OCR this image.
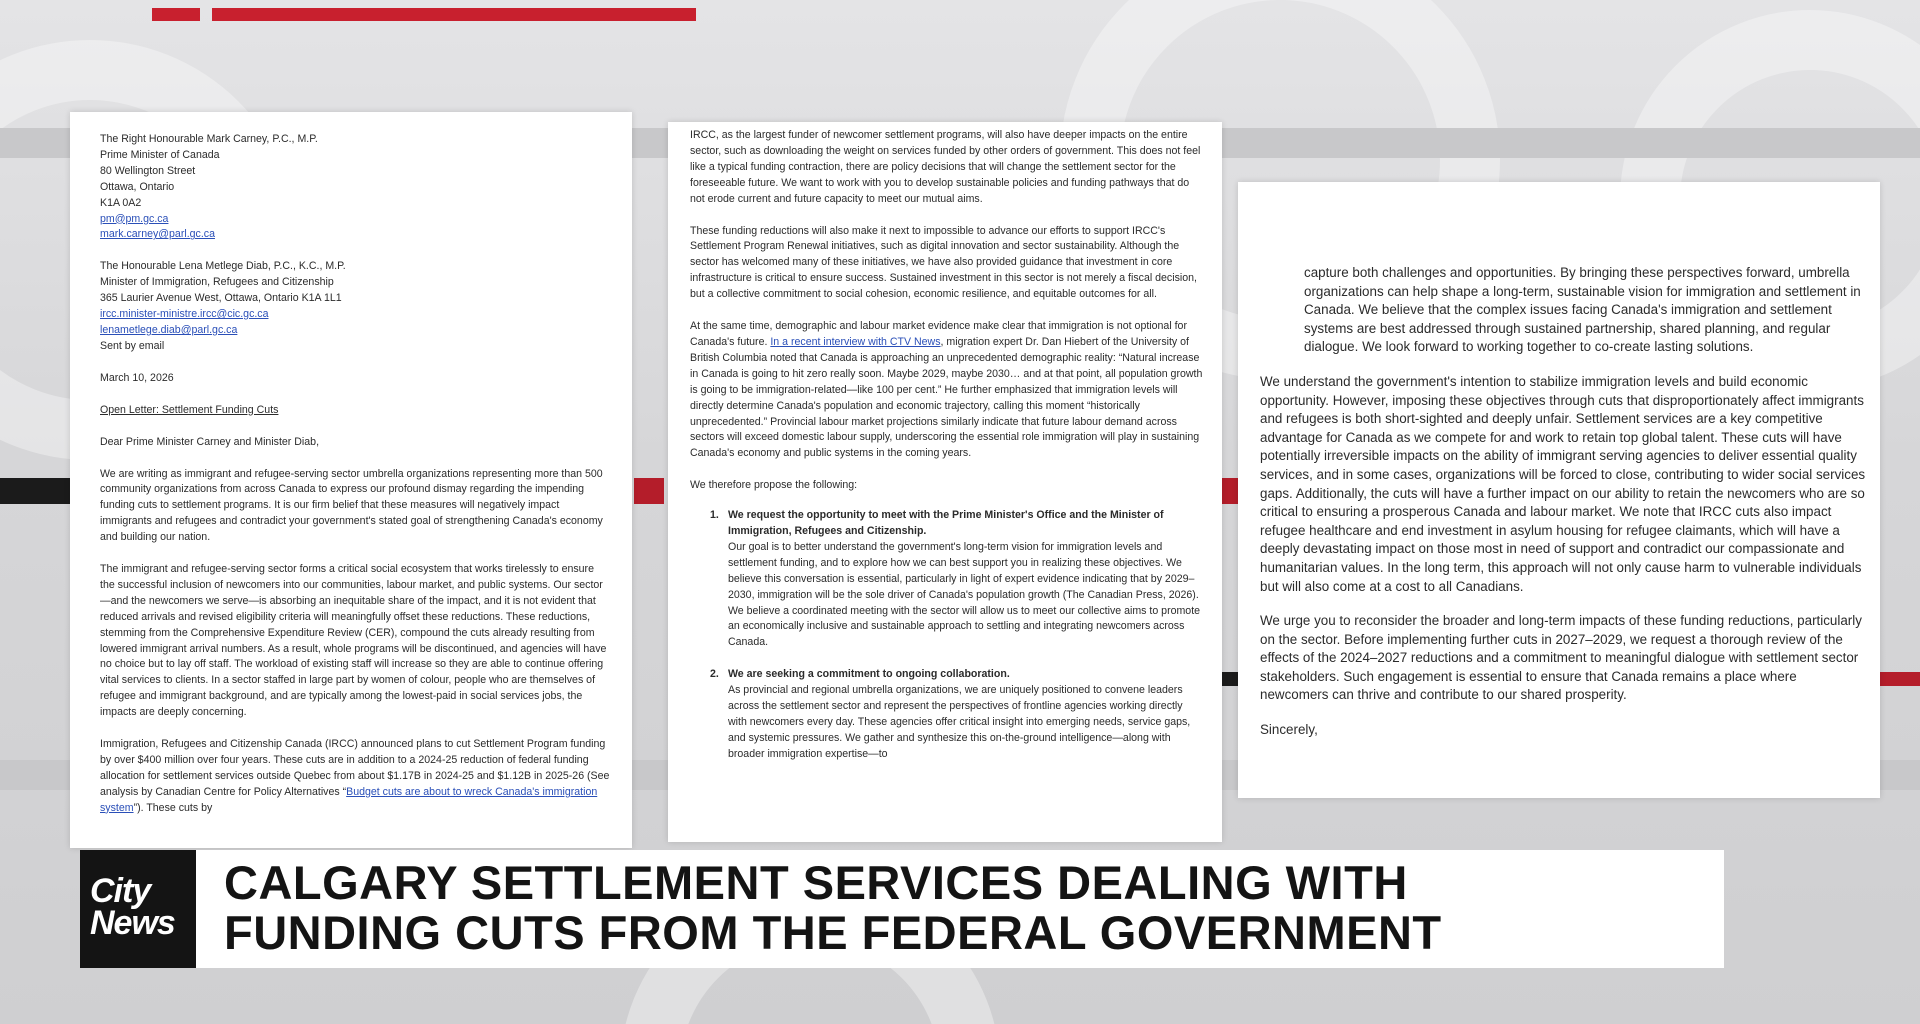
The Right Honourable Mark Carney, P.C., M.P.
Prime Minister of Canada
80 Wellington Street
Ottawa, Ontario
K1A 0A2
pm@pm.gc.ca
mark.carney@parl.gc.ca
The Honourable Lena Metlege Diab, P.C., K.C., M.P.
Minister of Immigration, Refugees and Citizenship
365 Laurier Avenue West, Ottawa, Ontario K1A 1L1
ircc.minister-ministre.ircc@cic.gc.ca
lenametlege.diab@parl.gc.ca
Sent by email
March 10, 2026
Open Letter: Settlement Funding Cuts
Dear Prime Minister Carney and Minister Diab,

We are writing as immigrant and refugee-serving sector umbrella organizations representing more than 500 community organizations from across Canada to express our profound dismay regarding the impending funding cuts to settlement programs. It is our firm belief that these measures will negatively impact immigrants and refugees and contradict your government's stated goal of strengthening Canada's economy and building our nation.

The immigrant and refugee-serving sector forms a critical social ecosystem that works tirelessly to ensure the successful inclusion of newcomers into our communities, labour market, and public systems. Our sector—and the newcomers we serve—is absorbing an inequitable share of the impact, and it is not evident that reduced arrivals and revised eligibility criteria will meaningfully offset these reductions. These reductions, stemming from the Comprehensive Expenditure Review (CER), compound the cuts already resulting from lowered immigrant arrival numbers. As a result, whole programs will be discontinued, and agencies will have no choice but to lay off staff. The workload of existing staff will increase so they are able to continue offering vital services to clients. In a sector staffed in large part by women of colour, people who are themselves of refugee and immigrant background, and are typically among the lowest-paid in social services jobs, the impacts are deeply concerning.

Immigration, Refugees and Citizenship Canada (IRCC) announced plans to cut Settlement Program funding by over $400 million over four years. These cuts are in addition to a 2024-25 reduction of federal funding allocation for settlement services outside Quebec from about $1.17B in 2024-25 and $1.12B in 2025-26 (See analysis by Canadian Centre for Policy Alternatives “Budget cuts are about to wreck Canada's immigration system”). These cuts by

IRCC, as the largest funder of newcomer settlement programs, will also have deeper impacts on the entire sector, such as downloading the weight on services funded by other orders of government. This does not feel like a typical funding contraction, there are policy decisions that will change the settlement sector for the foreseeable future. We want to work with you to develop sustainable policies and funding pathways that do not erode current and future capacity to meet our mutual aims.

These funding reductions will also make it next to impossible to advance our efforts to support IRCC's Settlement Program Renewal initiatives, such as digital innovation and sector sustainability. Although the sector has welcomed many of these initiatives, we have also provided guidance that investment in core infrastructure is critical to ensure success. Sustained investment in this sector is not merely a fiscal decision, but a collective commitment to social cohesion, economic resilience, and equitable outcomes for all.

At the same time, demographic and labour market evidence make clear that immigration is not optional for Canada's future. In a recent interview with CTV News, migration expert Dr. Dan Hiebert of the University of British Columbia noted that Canada is approaching an unprecedented demographic reality: “Natural increase in Canada is going to hit zero really soon. Maybe 2029, maybe 2030… and at that point, all population growth is going to be immigration-related—like 100 per cent.” He further emphasized that immigration levels will directly determine Canada's population and economic trajectory, calling this moment “historically unprecedented.” Provincial labour market projections similarly indicate that future labour demand across sectors will exceed domestic labour supply, underscoring the essential role immigration will play in sustaining Canada's economy and public systems in the coming years.

We therefore propose the following:

1. We request the opportunity to meet with the Prime Minister's Office and the Minister of Immigration, Refugees and Citizenship.
Our goal is to better understand the government's long-term vision for immigration levels and settlement funding, and to explore how we can best support you in realizing these objectives. We believe this conversation is essential, particularly in light of expert evidence indicating that by 2029–2030, immigration will be the sole driver of Canada's population growth (The Canadian Press, 2026). We believe a coordinated meeting with the sector will allow us to meet our collective aims to promote an economically inclusive and sustainable approach to settling and integrating newcomers across Canada.
2. We are seeking a commitment to ongoing collaboration.
As provincial and regional umbrella organizations, we are uniquely positioned to convene leaders across the settlement sector and represent the perspectives of frontline agencies working directly with newcomers every day. These agencies offer critical insight into emerging needs, service gaps, and systemic pressures. We gather and synthesize this on-the-ground intelligence—along with broader immigration expertise—to

capture both challenges and opportunities. By bringing these perspectives forward, umbrella organizations can help shape a long-term, sustainable vision for immigration and settlement in Canada. We believe that the complex issues facing Canada's immigration and settlement systems are best addressed through sustained partnership, shared planning, and regular dialogue. We look forward to working together to co-create lasting solutions.

We understand the government's intention to stabilize immigration levels and build economic opportunity. However, imposing these objectives through cuts that disproportionately affect immigrants and refugees is both short-sighted and deeply unfair. Settlement services are a key competitive advantage for Canada as we compete for and work to retain top global talent. These cuts will have potentially irreversible impacts on the ability of immigrant serving agencies to deliver essential quality services, and in some cases, organizations will be forced to close, contributing to wider social services gaps. Additionally, the cuts will have a further impact on our ability to retain the newcomers who are so critical to ensuring a prosperous Canada and labour market. We note that IRCC cuts also impact refugee healthcare and end investment in asylum housing for refugee claimants, which will have a deeply devastating impact on those most in need of support and contradict our compassionate and humanitarian values. In the long term, this approach will not only cause harm to vulnerable individuals but will also come at a cost to all Canadians.

We urge you to reconsider the broader and long-term impacts of these funding reductions, particularly on the sector. Before implementing further cuts in 2027–2029, we request a thorough review of the effects of the 2024–2027 reductions and a commitment to meaningful dialogue with settlement sector stakeholders. Such engagement is essential to ensure that Canada remains a place where newcomers can thrive and contribute to our shared prosperity.

Sincerely,

City
News
CALGARY SETTLEMENT SERVICES DEALING WITH
FUNDING CUTS FROM THE FEDERAL GOVERNMENT
